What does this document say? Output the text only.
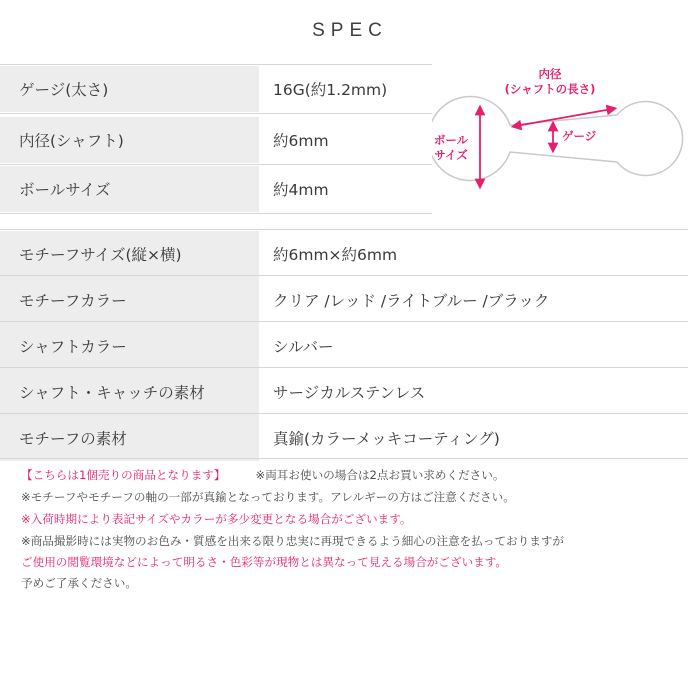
SPEC
ゲージ(太さ)	16G(約1.2mm)
内径(シャフト)	約6mm
ボールサイズ	約4mm
モチーフサイズ(縦×横)	約6mm×約6mm
モチーフカラー	クリア /レッド /ライトブルー /ブラック
シャフトカラー	シルバー
シャフト・キャッチの素材	サージカルステンレス
モチーフの素材	真鍮(カラーメッキコーティング)
内径
(シャフトの長さ)
ゲージ
ボール
サイズ
【こちらは1個売りの商品となります】	※両耳お使いの場合は2点お買い求めください。
※モチーフやモチーフの軸の一部が真鍮となっております。アレルギーの方はご注意ください。
※入荷時期により表記サイズやカラーが多少変更となる場合がございます。
※商品撮影時には実物のお色み・質感を出来る限り忠実に再現できるよう細心の注意を払っておりますが
ご使用の閲覧環境などによって明るさ・色彩等が現物とは異なって見える場合がございます。
予めご了承ください。
